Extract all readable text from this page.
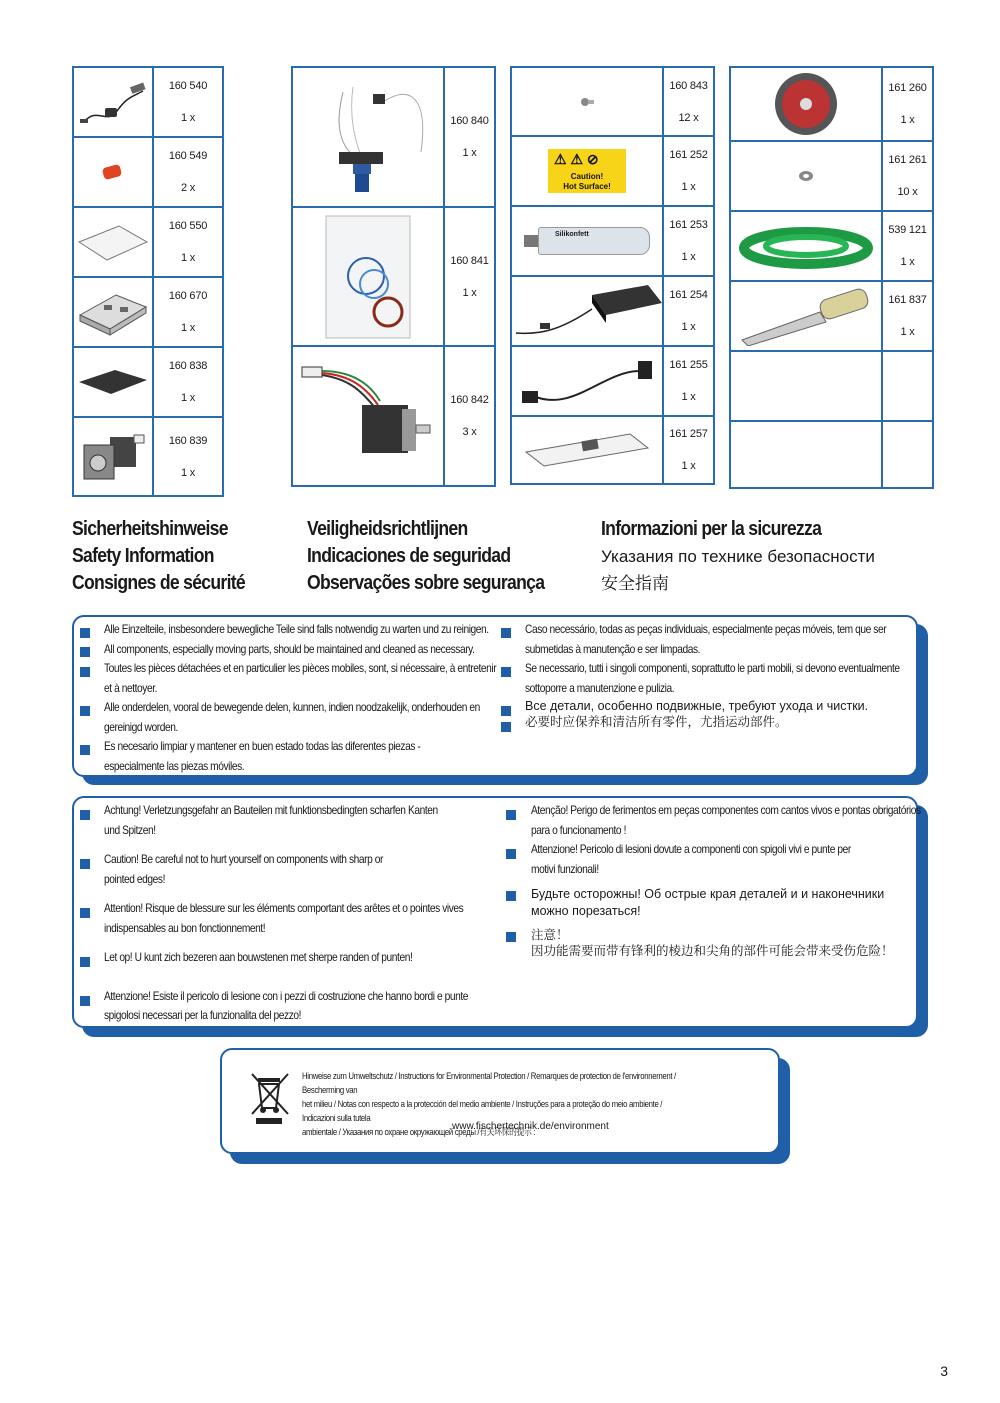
160 540
1 x
160 549
2 x
160 550
1 x
160 670
1 x
160 838
1 x
160 839
1 x
160 840
1 x
160 841
1 x
160 842
3 x
160 843
12 x
⚠ ⚠ ⊘
Caution!
Hot Surface!
161 252
1 x
Silikonfett
161 253
1 x
161 254
1 x
161 255
1 x
161 257
1 x
161 260
1 x
161 261
10 x
539 121
1 x
161 837
1 x
Sicherheitshinweise
Safety Information
Consignes de sécurité
Veiligheidsrichtlijnen
Indicaciones de seguridad
Observações sobre segurança
Informazioni per la sicurezza
Указания по технике безопасности
安全指南
Alle Einzelteile, insbesondere bewegliche Teile sind falls notwendig zu warten und zu reinigen.
All components, especially moving parts, should be maintained and cleaned as necessary.
Toutes les pièces détachées et en particulier les pièces mobiles, sont, si nécessaire, à entretenir
et à nettoyer.
Alle onderdelen, vooral de bewegende delen, kunnen, indien noodzakelijk, onderhouden en
gereinigd worden.
Es necesario limpiar y mantener en buen estado todas las diferentes piezas -
especialmente las piezas móviles.
Caso necessário, todas as peças individuais, especialmente peças móveis, tem que ser
submetidas à manutenção e ser limpadas.
Se necessario, tutti i singoli componenti, soprattutto le parti mobili, si devono eventualmente
sottoporre a manutenzione e pulizia.
Все детали, особенно подвижные, требуют ухода и чистки.
必要时应保养和清洁所有零件，尤指运动部件。
Achtung! Verletzungsgefahr an Bauteilen mit funktionsbedingten scharfen Kanten
und Spitzen!
Caution! Be careful not to hurt yourself on components with sharp or
pointed edges!
Attention! Risque de blessure sur les éléments comportant des arêtes et o pointes vives
indispensables au bon fonctionnement!
Let op! U kunt zich bezeren aan bouwstenen met sherpe randen of punten!
Attenzione! Esiste il pericolo di lesione con i pezzi di costruzione che hanno bordi e punte
spigolosi necessari per la funzionalita del pezzo!
Atenção! Perigo de ferimentos em peças componentes com cantos vivos e pontas obrigatórios
para o funcionamento !
Attenzione! Pericolo di lesioni dovute a componenti con spigoli vivi e punte per
motivi funzionali!
Будьте осторожны! Об острые края деталей и и наконечники
можно порезаться!
注意！
因功能需要而带有锋利的棱边和尖角的部件可能会带来受伤危险！
Hinweise zum Umweltschutz / Instructions for Environmental Protection / Remarques de protection de l'environnement / Bescherming van
het milieu / Notas con respecto a la protección del medio ambiente / Instruções para a proteção do meio ambiente / Indicazioni sulla tutela
ambientale / Указания по охране окружающей среды /有关环保的提示 :
www.fischertechnik.de/environment
3
